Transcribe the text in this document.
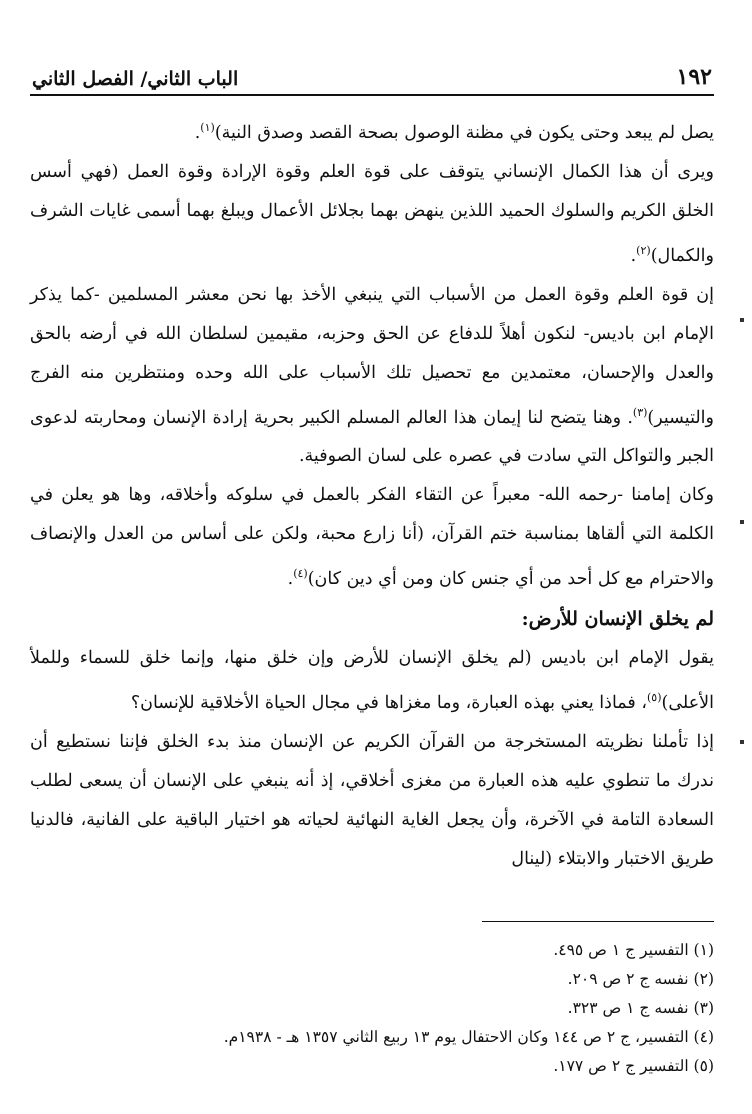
١٩٢
الباب الثاني/ الفصل الثاني

يصل لم يبعد وحتى يكون في مظنة الوصول بصحة القصد وصدق النية)$^{(١)}$.

ويرى أن هذا الكمال الإنساني يتوقف على قوة العلم وقوة الإرادة وقوة العمل (فهي أسس الخلق الكريم والسلوك الحميد اللذين ينهض بهما بجلائل الأعمال ويبلغ بهما أسمى غايات الشرف والكمال)$^{(٢)}$.

إن قوة العلم وقوة العمل من الأسباب التي ينبغي الأخذ بها نحن معشر المسلمين -كما يذكر الإمام ابن باديس- لنكون أهلاً للدفاع عن الحق وحزبه، مقيمين لسلطان الله في أرضه بالحق والعدل والإحسان، معتمدين مع تحصيل تلك الأسباب على الله وحده ومنتظرين منه الفرج والتيسير)$^{(٣)}$. وهنا يتضح لنا إيمان هذا العالم المسلم الكبير بحرية إرادة الإنسان ومحاربته لدعوى الجبر والتواكل التي سادت في عصره على لسان الصوفية.

وكان إمامنا -رحمه الله- معبراً عن التقاء الفكر بالعمل في سلوكه وأخلاقه، وها هو يعلن في الكلمة التي ألقاها بمناسبة ختم القرآن، (أنا زارع محبة، ولكن على أساس من العدل والإنصاف والاحترام مع كل أحد من أي جنس كان ومن أي دين كان)$^{(٤)}$.

لم يخلق الإنسان للأرض:

يقول الإمام ابن باديس (لم يخلق الإنسان للأرض وإن خلق منها، وإنما خلق للسماء وللملأ الأعلى)$^{(٥)}$، فماذا يعني بهذه العبارة، وما مغزاها في مجال الحياة الأخلاقية للإنسان؟

إذا تأملنا نظريته المستخرجة من القرآن الكريم عن الإنسان منذ بدء الخلق فإننا نستطيع أن ندرك ما تنطوي عليه هذه العبارة من مغزى أخلاقي، إذ أنه ينبغي على الإنسان أن يسعى لطلب السعادة التامة في الآخرة، وأن يجعل الغاية النهائية لحياته هو اختيار الباقية على الفانية، فالدنيا طريق الاختبار والابتلاء (لينال

(١) التفسير ج ١ ص ٤٩٥.

(٢) نفسه ج ٢ ص ٢٠٩.

(٣) نفسه ج ١ ص ٣٢٣.

(٤) التفسير، ج ٢ ص ١٤٤ وكان الاحتفال يوم ١٣ ربيع الثاني ١٣٥٧ هـ - ١٩٣٨م.

(٥) التفسير ج ٢ ص ١٧٧.
